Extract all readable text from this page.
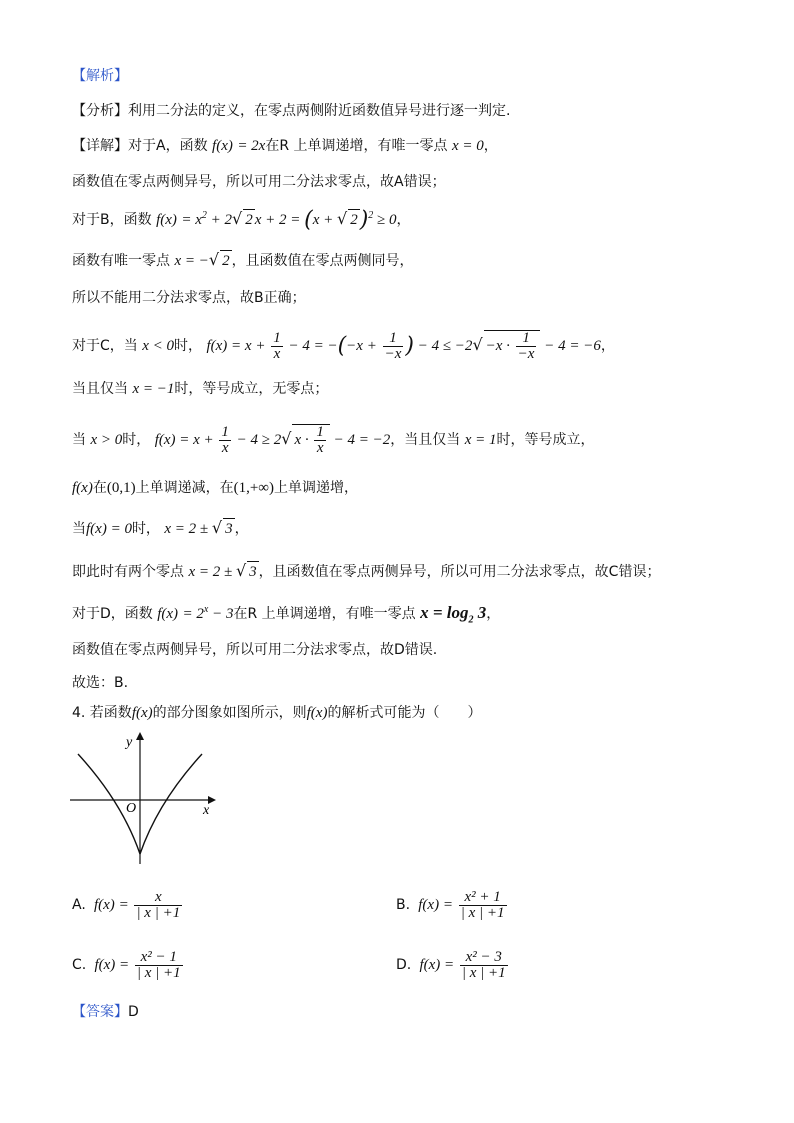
【解析】
【分析】利用二分法的定义，在零点两侧附近函数值异号进行逐一判定.
【详解】对于A，函数 f(x) = 2x在R 上单调递增，有唯一零点 x = 0，
函数值在零点两侧异号，所以可用二分法求零点，故A错误；
对于B，函数 $f(x) = x^2 + 2√$ 2 x + 2 = (x + √ 2)$^2$ ≥ 0，
函数有唯一零点 x = −√ 2 ，且函数值在零点两侧同号，
所以不能用二分法求零点，故B正确；
对于C，当 x < 0时， $f(x) = x + \frac{1}{x} - 4 = -(-x + \frac{1}{-x}$ ) − $4 \le -2√ -x \cdot \frac{1}{-x} - 4 = -6$，
当且仅当 x = −1时，等号成立，无零点；
当 x > 0时， $f(x) = x + \frac{1}{x} - 4 \ge 2√$ $x \cdot \frac{1}{x} - 4 = -2$，当且仅当 x = 1时，等号成立，
f(x)在(0,1)上单调递减，在(1,+∞)上单调递增，
当f(x) = 0时， x = 2 ± √ 3 ，
即此时有两个零点 x = 2 ± √ 3 ，且函数值在零点两侧异号，所以可用二分法求零点，故C错误；
对于D，函数 $f(x) = 2^x - 3$在R 上单调递增，有唯一零点 $x = \log_2 3$，
函数值在零点两侧异号，所以可用二分法求零点，故D错误.
故选：B.
4. 若函数f(x)的部分图象如图所示，则f(x)的解析式可能为（　　）
y
x
O
A. $f(x) = \frac{x}{| x | +1}$	B. $f(x) = \frac{\text{x² + 1}}{| x | +1}$
C. $f(x) = \frac{\text{x² − 1}}{| x | +1}$	D. $f(x) = \frac{\text{x² − 3}}{| x | +1}$
【答案】D
